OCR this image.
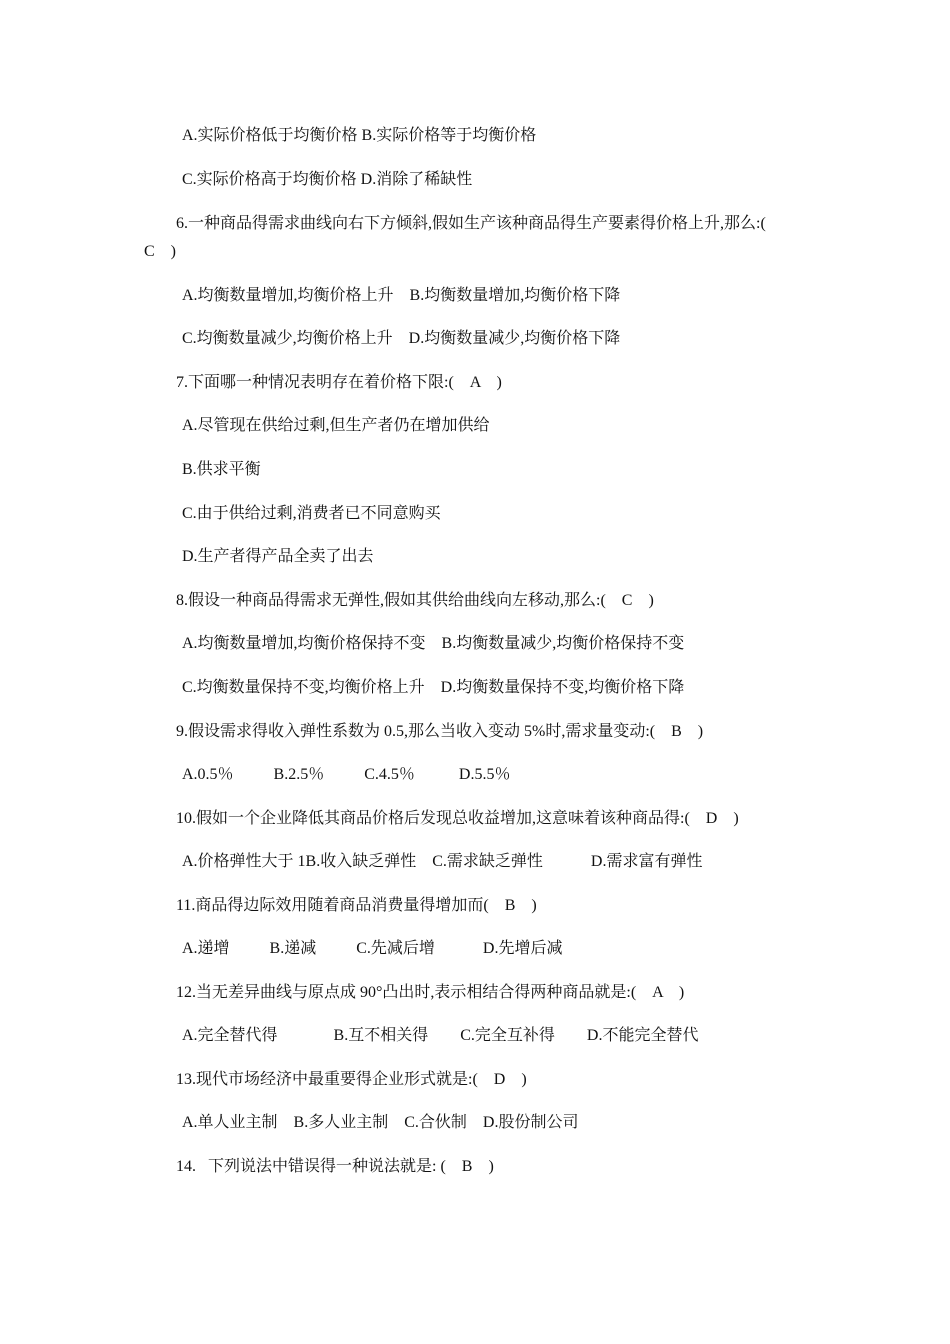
A.实际价格低于均衡价格 B.实际价格等于均衡价格
C.实际价格高于均衡价格 D.消除了稀缺性
6.一种商品得需求曲线向右下方倾斜,假如生产该种商品得生产要素得价格上升,那么:(
C    )
A.均衡数量增加,均衡价格上升    B.均衡数量增加,均衡价格下降
C.均衡数量减少,均衡价格上升    D.均衡数量减少,均衡价格下降
7.下面哪一种情况表明存在着价格下限:(    A    )
A.尽管现在供给过剩,但生产者仍在增加供给
B.供求平衡
C.由于供给过剩,消费者已不同意购买
D.生产者得产品全卖了出去
8.假设一种商品得需求无弹性,假如其供给曲线向左移动,那么:(    C    )
A.均衡数量增加,均衡价格保持不变    B.均衡数量减少,均衡价格保持不变
C.均衡数量保持不变,均衡价格上升    D.均衡数量保持不变,均衡价格下降
9.假设需求得收入弹性系数为 0.5,那么当收入变动 5%时,需求量变动:(    B    )
A.0.5％          B.2.5％          C.4.5％           D.5.5％
10.假如一个企业降低其商品价格后发现总收益增加,这意味着该种商品得:(    D    )
A.价格弹性大于 1B.收入缺乏弹性    C.需求缺乏弹性            D.需求富有弹性
11.商品得边际效用随着商品消费量得增加而(    B    )
A.递增          B.递减          C.先减后增            D.先增后减
12.当无差异曲线与原点成 90°凸出时,表示相结合得两种商品就是:(    A    )
A.完全替代得              B.互不相关得        C.完全互补得        D.不能完全替代
13.现代市场经济中最重要得企业形式就是:(    D    )
A.单人业主制    B.多人业主制    C.合伙制    D.股份制公司
14.   下列说法中错误得一种说法就是: (    B    )
